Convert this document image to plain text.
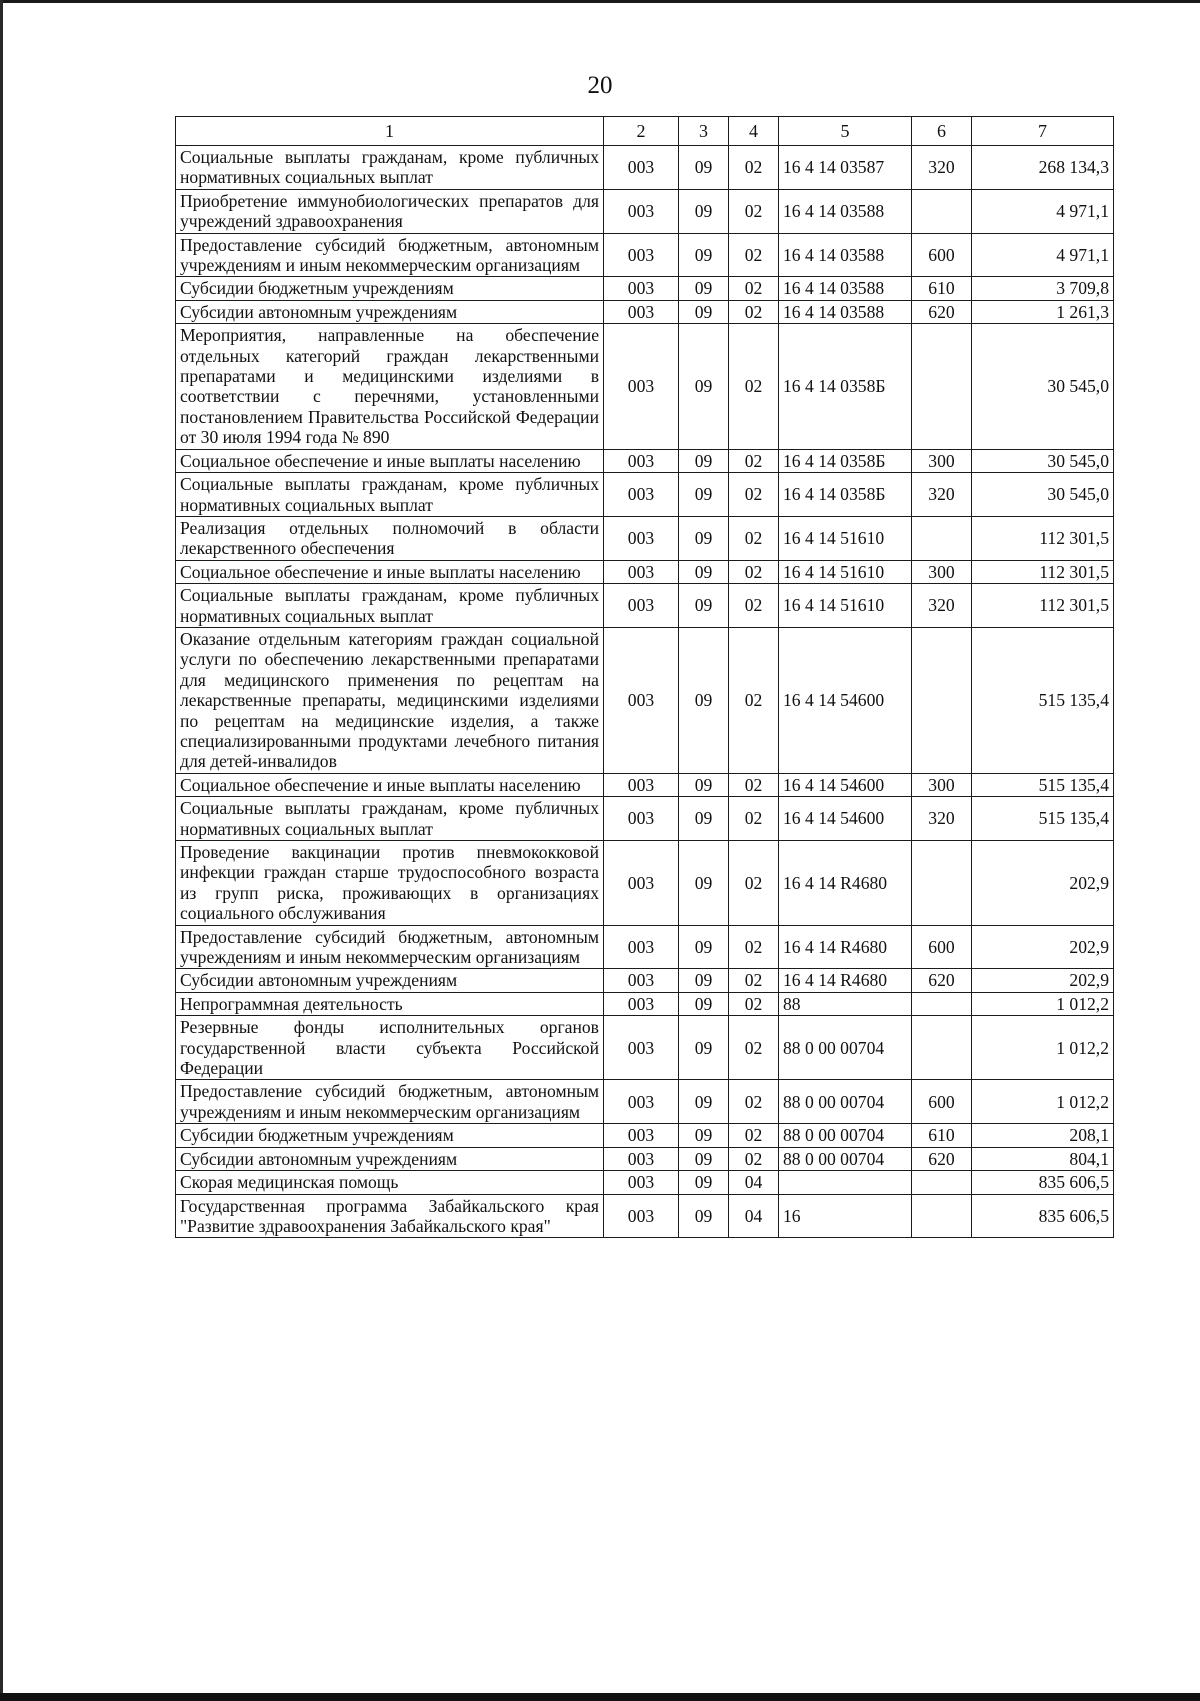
20
1	2	3	4	5	6	7
Социальные выплаты гражданам, кроме публичных нормативных социальных выплат	003	09	02	16 4 14 03587	320	268 134,3
Приобретение иммунобиологических препаратов для учреждений здравоохранения	003	09	02	16 4 14 03588		4 971,1
Предоставление субсидий бюджетным, автономным учреждениям и иным некоммерческим организациям	003	09	02	16 4 14 03588	600	4 971,1
Субсидии бюджетным учреждениям	003	09	02	16 4 14 03588	610	3 709,8
Субсидии автономным учреждениям	003	09	02	16 4 14 03588	620	1 261,3
Мероприятия, направленные на обеспечение отдельных категорий граждан лекарственными препаратами и медицинскими изделиями в соответствии с перечнями, установленными постановлением Правительства Российской Федерации от 30 июля 1994 года № 890	003	09	02	16 4 14 0358Б		30 545,0
Социальное обеспечение и иные выплаты населению	003	09	02	16 4 14 0358Б	300	30 545,0
Социальные выплаты гражданам, кроме публичных нормативных социальных выплат	003	09	02	16 4 14 0358Б	320	30 545,0
Реализация отдельных полномочий в области лекарственного обеспечения	003	09	02	16 4 14 51610		112 301,5
Социальное обеспечение и иные выплаты населению	003	09	02	16 4 14 51610	300	112 301,5
Социальные выплаты гражданам, кроме публичных нормативных социальных выплат	003	09	02	16 4 14 51610	320	112 301,5
Оказание отдельным категориям граждан социальной услуги по обеспечению лекарственными препаратами для медицинского применения по рецептам на лекарственные препараты, медицинскими изделиями по рецептам на медицинские изделия, а также специализированными продуктами лечебного питания для детей-инвалидов	003	09	02	16 4 14 54600		515 135,4
Социальное обеспечение и иные выплаты населению	003	09	02	16 4 14 54600	300	515 135,4
Социальные выплаты гражданам, кроме публичных нормативных социальных выплат	003	09	02	16 4 14 54600	320	515 135,4
Проведение вакцинации против пневмококковой инфекции граждан старше трудоспособного возраста из групп риска, проживающих в организациях социального обслуживания	003	09	02	16 4 14 R4680		202,9
Предоставление субсидий бюджетным, автономным учреждениям и иным некоммерческим организациям	003	09	02	16 4 14 R4680	600	202,9
Субсидии автономным учреждениям	003	09	02	16 4 14 R4680	620	202,9
Непрограммная деятельность	003	09	02	88		1 012,2
Резервные фонды исполнительных органов государственной власти субъекта Российской Федерации	003	09	02	88 0 00 00704		1 012,2
Предоставление субсидий бюджетным, автономным учреждениям и иным некоммерческим организациям	003	09	02	88 0 00 00704	600	1 012,2
Субсидии бюджетным учреждениям	003	09	02	88 0 00 00704	610	208,1
Субсидии автономным учреждениям	003	09	02	88 0 00 00704	620	804,1
Скорая медицинская помощь	003	09	04			835 606,5
Государственная программа Забайкальского края "Развитие здравоохранения Забайкальского края"	003	09	04	16		835 606,5
